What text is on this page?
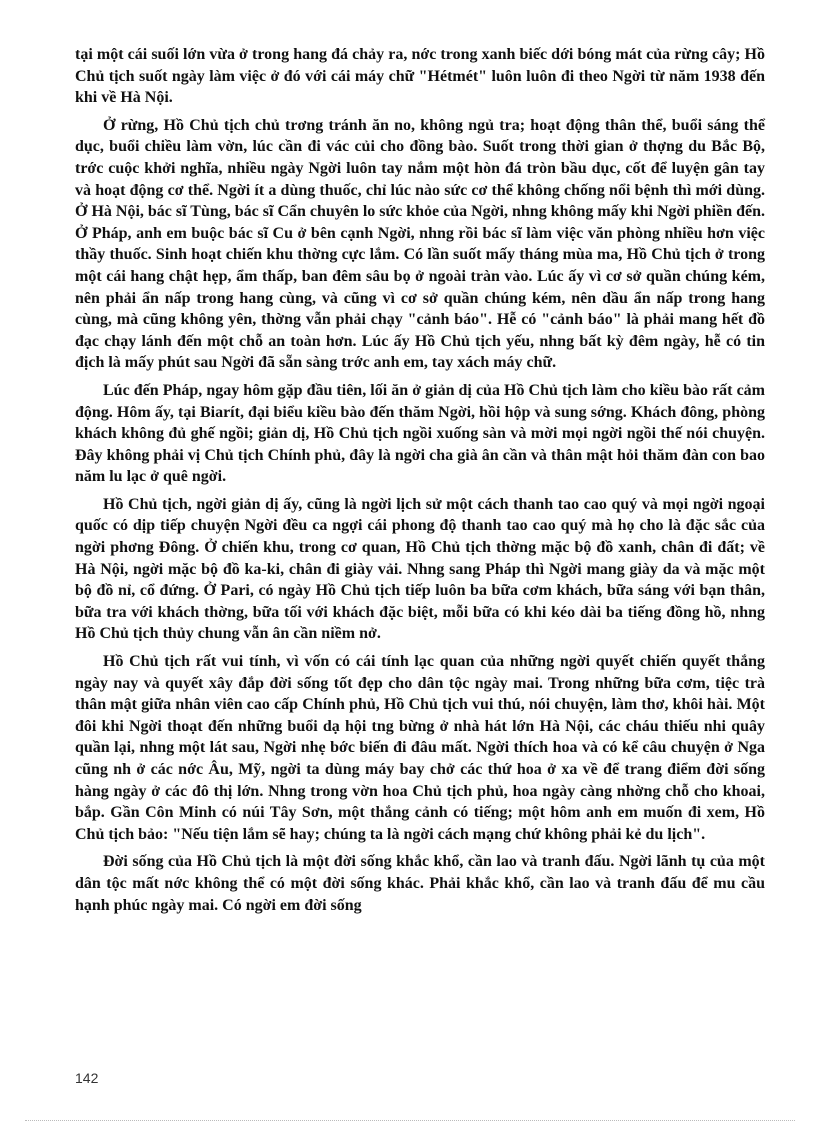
tại một cái suối lớn vừa ở trong hang đá chảy ra, nớc trong xanh biếc dới bóng mát của rừng cây; Hồ Chủ tịch suốt ngày làm việc ở đó với cái máy chữ "Hétmét" luôn luôn đi theo Ngời từ năm 1938 đến khi về Hà Nội.

Ở rừng, Hồ Chủ tịch chủ trơng tránh ăn no, không ngủ tra; hoạt động thân thể, buổi sáng thể dục, buổi chiều làm vờn, lúc cần đi vác củi cho đồng bào. Suốt trong thời gian ở thợng du Bắc Bộ, trớc cuộc khởi nghĩa, nhiều ngày Ngời luôn tay nắm một hòn đá tròn bầu dục, cốt để luyện gân tay và hoạt động cơ thể. Ngời ít a dùng thuốc, chỉ lúc nào sức cơ thể không chống nổi bệnh thì mới dùng. Ở Hà Nội, bác sĩ Tùng, bác sĩ Cẩn chuyên lo sức khỏe của Ngời, nhng không mấy khi Ngời phiền đến. Ở Pháp, anh em buộc bác sĩ Cu ở bên cạnh Ngời, nhng rồi bác sĩ làm việc văn phòng nhiều hơn việc thầy thuốc. Sinh hoạt chiến khu thờng cực lắm. Có lần suốt mấy tháng mùa ma, Hồ Chủ tịch ở trong một cái hang chật hẹp, ẩm thấp, ban đêm sâu bọ ở ngoài tràn vào. Lúc ấy vì cơ sở quần chúng kém, nên phải ẩn nấp trong hang cùng, và cũng vì cơ sở quần chúng kém, nên dầu ẩn nấp trong hang cùng, mà cũng không yên, thờng vẫn phải chạy "cảnh báo". Hễ có "cảnh báo" là phải mang hết đồ đạc chạy lánh đến một chỗ an toàn hơn. Lúc ấy Hồ Chủ tịch yếu, nhng bất kỳ đêm ngày, hễ có tin địch là mấy phút sau Ngời đã sẵn sàng trớc anh em, tay xách máy chữ.

Lúc đến Pháp, ngay hôm gặp đầu tiên, lối ăn ở giản dị của Hồ Chủ tịch làm cho kiều bào rất cảm động. Hôm ấy, tại Biarít, đại biểu kiều bào đến thăm Ngời, hồi hộp và sung sớng. Khách đông, phòng khách không đủ ghế ngồi; giản dị, Hồ Chủ tịch ngồi xuống sàn và mời mọi ngời ngồi thế nói chuyện. Đây không phải vị Chủ tịch Chính phủ, đây là ngời cha già ân cần và thân mật hỏi thăm đàn con bao năm lu lạc ở quê ngời.

Hồ Chủ tịch, ngời giản dị ấy, cũng là ngời lịch sử một cách thanh tao cao quý và mọi ngời ngoại quốc có dịp tiếp chuyện Ngời đều ca ngợi cái phong độ thanh tao cao quý mà họ cho là đặc sắc của ngời phơng Đông. Ở chiến khu, trong cơ quan, Hồ Chủ tịch thờng mặc bộ đồ xanh, chân đi đất; về Hà Nội, ngời mặc bộ đồ ka-ki, chân đi giày vải. Nhng sang Pháp thì Ngời mang giày da và mặc một bộ đồ nỉ, cổ đứng. Ở Pari, có ngày Hồ Chủ tịch tiếp luôn ba bữa cơm khách, bữa sáng với bạn thân, bữa tra với khách thờng, bữa tối với khách đặc biệt, mỗi bữa có khi kéo dài ba tiếng đồng hồ, nhng Hồ Chủ tịch thủy chung vẫn ân cần niềm nở.

Hồ Chủ tịch rất vui tính, vì vốn có cái tính lạc quan của những ngời quyết chiến quyết thắng ngày nay và quyết xây đắp đời sống tốt đẹp cho dân tộc ngày mai. Trong những bữa cơm, tiệc trà thân mật giữa nhân viên cao cấp Chính phủ, Hồ Chủ tịch vui thú, nói chuyện, làm thơ, khôi hài. Một đôi khi Ngời thoạt đến những buổi dạ hội tng bừng ở nhà hát lớn Hà Nội, các cháu thiếu nhi quây quần lại, nhng một lát sau, Ngời nhẹ bớc biến đi đâu mất. Ngời thích hoa và có kể câu chuyện ở Nga cũng nh ở các nớc Âu, Mỹ, ngời ta dùng máy bay chở các thứ hoa ở xa về để trang điểm đời sống hàng ngày ở các đô thị lớn. Nhng trong vờn hoa Chủ tịch phủ, hoa ngày càng nhờng chỗ cho khoai, bắp. Gần Côn Minh có núi Tây Sơn, một thắng cảnh có tiếng; một hôm anh em muốn đi xem, Hồ Chủ tịch bảo: "Nếu tiện lắm sẽ hay; chúng ta là ngời cách mạng chứ không phải kẻ du lịch".

Đời sống của Hồ Chủ tịch là một đời sống khắc khổ, cần lao và tranh đấu. Ngời lãnh tụ của một dân tộc mất nớc không thể có một đời sống khác. Phải khắc khổ, cần lao và tranh đấu để mu cầu hạnh phúc ngày mai. Có ngời em đời sống

142
